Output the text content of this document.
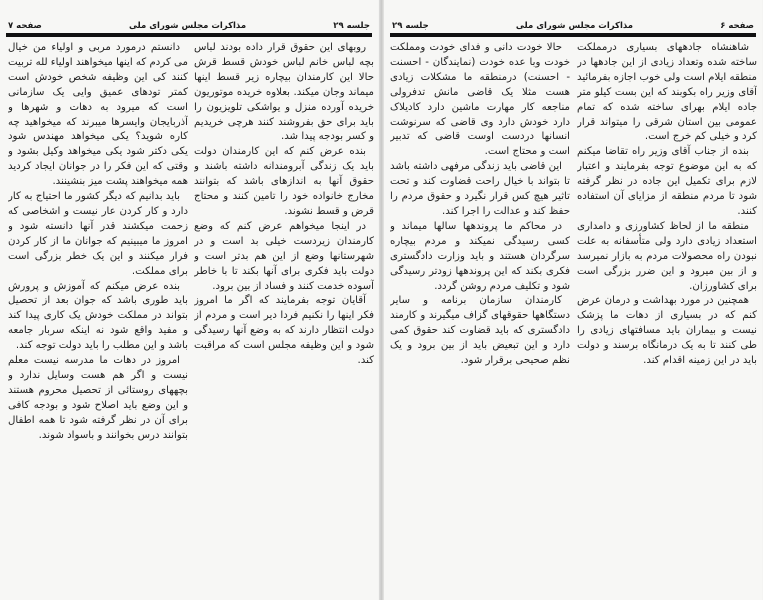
جلسه ۲۹
مذاکرات مجلس شورای ملی
صفحه ۷

روبهای این حقوق قرار داده بودند لباس بچه لباس خانم لباس خودش قسط قرش حالا این کارمندان بیچاره زیر قسط اینها میماند وجان میکند. بعلاوه خریده موتوریون خریده آورده منزل و یواشکی تلویزیون را باید برای حق بفروشند کنند هرچی خریدیم و کسر بودجه پیدا شد.

بنده عرض کنم که این کارمندان دولت باید یک زندگی آبرومندانه داشته باشند و حقوق آنها به اندازهای باشد که بتوانند مخارج خانواده خود را تامین کنند و محتاج قرض و قسط نشوند.

در اینجا میخواهم عرض کنم که وضع کارمندان زیردست خیلی بد است و در شهرستانها وضع از این هم بدتر است و دولت باید فکری برای آنها بکند تا با خاطر آسوده خدمت کنند و فساد از بین برود.

آقایان توجه بفرمایند که اگر ما امروز فکر اینها را نکنیم فردا دیر است و مردم از دولت انتظار دارند که به وضع آنها رسیدگی شود و این وظیفه مجلس است که مراقبت کند.

دانستم درمورد مربی و اولیاء من خیال می کردم که اینها میخواهند اولیاء لله تربیت کنند کی این وظیفه شخص خودش است کمتر تودهای عمیق وایی یک سازمانی است که میرود به دهات و شهرها و آذربایجان وایسرها میبرند که میخواهید چه کاره شوید؟ یکی میخواهد مهندس شود یکی دکتر شود یکی میخواهد وکیل بشود و وقتی که این فکر را در جوانان ایجاد کردید همه میخواهند پشت میز بنشینند.

باید بدانیم که دیگر کشور ما احتیاج به کار دارد و کار کردن عار نیست و اشخاصی که زحمت میکشند قدر آنها دانسته شود و امروز ما میبینیم که جوانان ما از کار کردن فرار میکنند و این یک خطر بزرگی است برای مملکت.

بنده عرض میکنم که آموزش و پرورش باید طوری باشد که جوان بعد از تحصیل بتواند در مملکت خودش یک کاری پیدا کند و مفید واقع شود نه اینکه سربار جامعه باشد و این مطلب را باید دولت توجه کند.

امروز در دهات ما مدرسه نیست معلم نیست و اگر هم هست وسایل ندارد و بچههای روستائی از تحصیل محروم هستند و این وضع باید اصلاح شود و بودجه کافی برای آن در نظر گرفته شود تا همه اطفال بتوانند درس بخوانند و باسواد شوند.

صفحه ۶
مذاکرات مجلس شورای ملی
جلسه ۲۹

شاهنشاه جادههای بسیاری درمملکت ساخته شده وتعداد زیادی از این جادهها در منطقه ایلام است ولی خوب اجازه بفرمائید آقای وزیر راه بکوبند که این بست کیلو متر جاده ایلام بهرای ساخته شده که تمام عمومی بین استان شرقی را میتواند قرار کرد و خیلی کم خرج است.

بنده از جناب آقای وزیر راه تقاضا میکنم که به این موضوع توجه بفرمایند و اعتبار لازم برای تکمیل این جاده در نظر گرفته شود تا مردم منطقه از مزایای آن استفاده کنند.

منطقه ما از لحاظ کشاورزی و دامداری استعداد زیادی دارد ولی متأسفانه به علت نبودن راه محصولات مردم به بازار نمیرسد و از بین میرود و این ضرر بزرگی است برای کشاورزان.

همچنین در مورد بهداشت و درمان عرض کنم که در بسیاری از دهات ما پزشک نیست و بیماران باید مسافتهای زیادی را طی کنند تا به یک درمانگاه برسند و دولت باید در این زمینه اقدام کند.

حالا خودت دانی و فدای خودت ومملکت خودت وبا عده خودت (نمایندگان - احسنت - احسنت) درمنطقه ما مشکلات زیادی هست مثلا یک قاضی مانش تدفرولی مناجعه کار مهارت ماشین دارد کادیلاک دارد خودش دارد وی قاضی که سرنوشت انسانها دردست اوست قاضی که تدبیر است و محتاج است.

این قاضی باید زندگی مرفهی داشته باشد تا بتواند با خیال راحت قضاوت کند و تحت تاثیر هیچ کس قرار نگیرد و حقوق مردم را حفظ کند و عدالت را اجرا کند.

در محاکم ما پروندهها سالها میماند و کسی رسیدگی نمیکند و مردم بیچاره سرگردان هستند و باید وزارت دادگستری فکری بکند که این پروندهها زودتر رسیدگی شود و تکلیف مردم روشن گردد.

کارمندان سازمان برنامه و سایر دستگاهها حقوقهای گزاف میگیرند و کارمند دادگستری که باید قضاوت کند حقوق کمی دارد و این تبعیض باید از بین برود و یک نظم صحیحی برقرار شود.
